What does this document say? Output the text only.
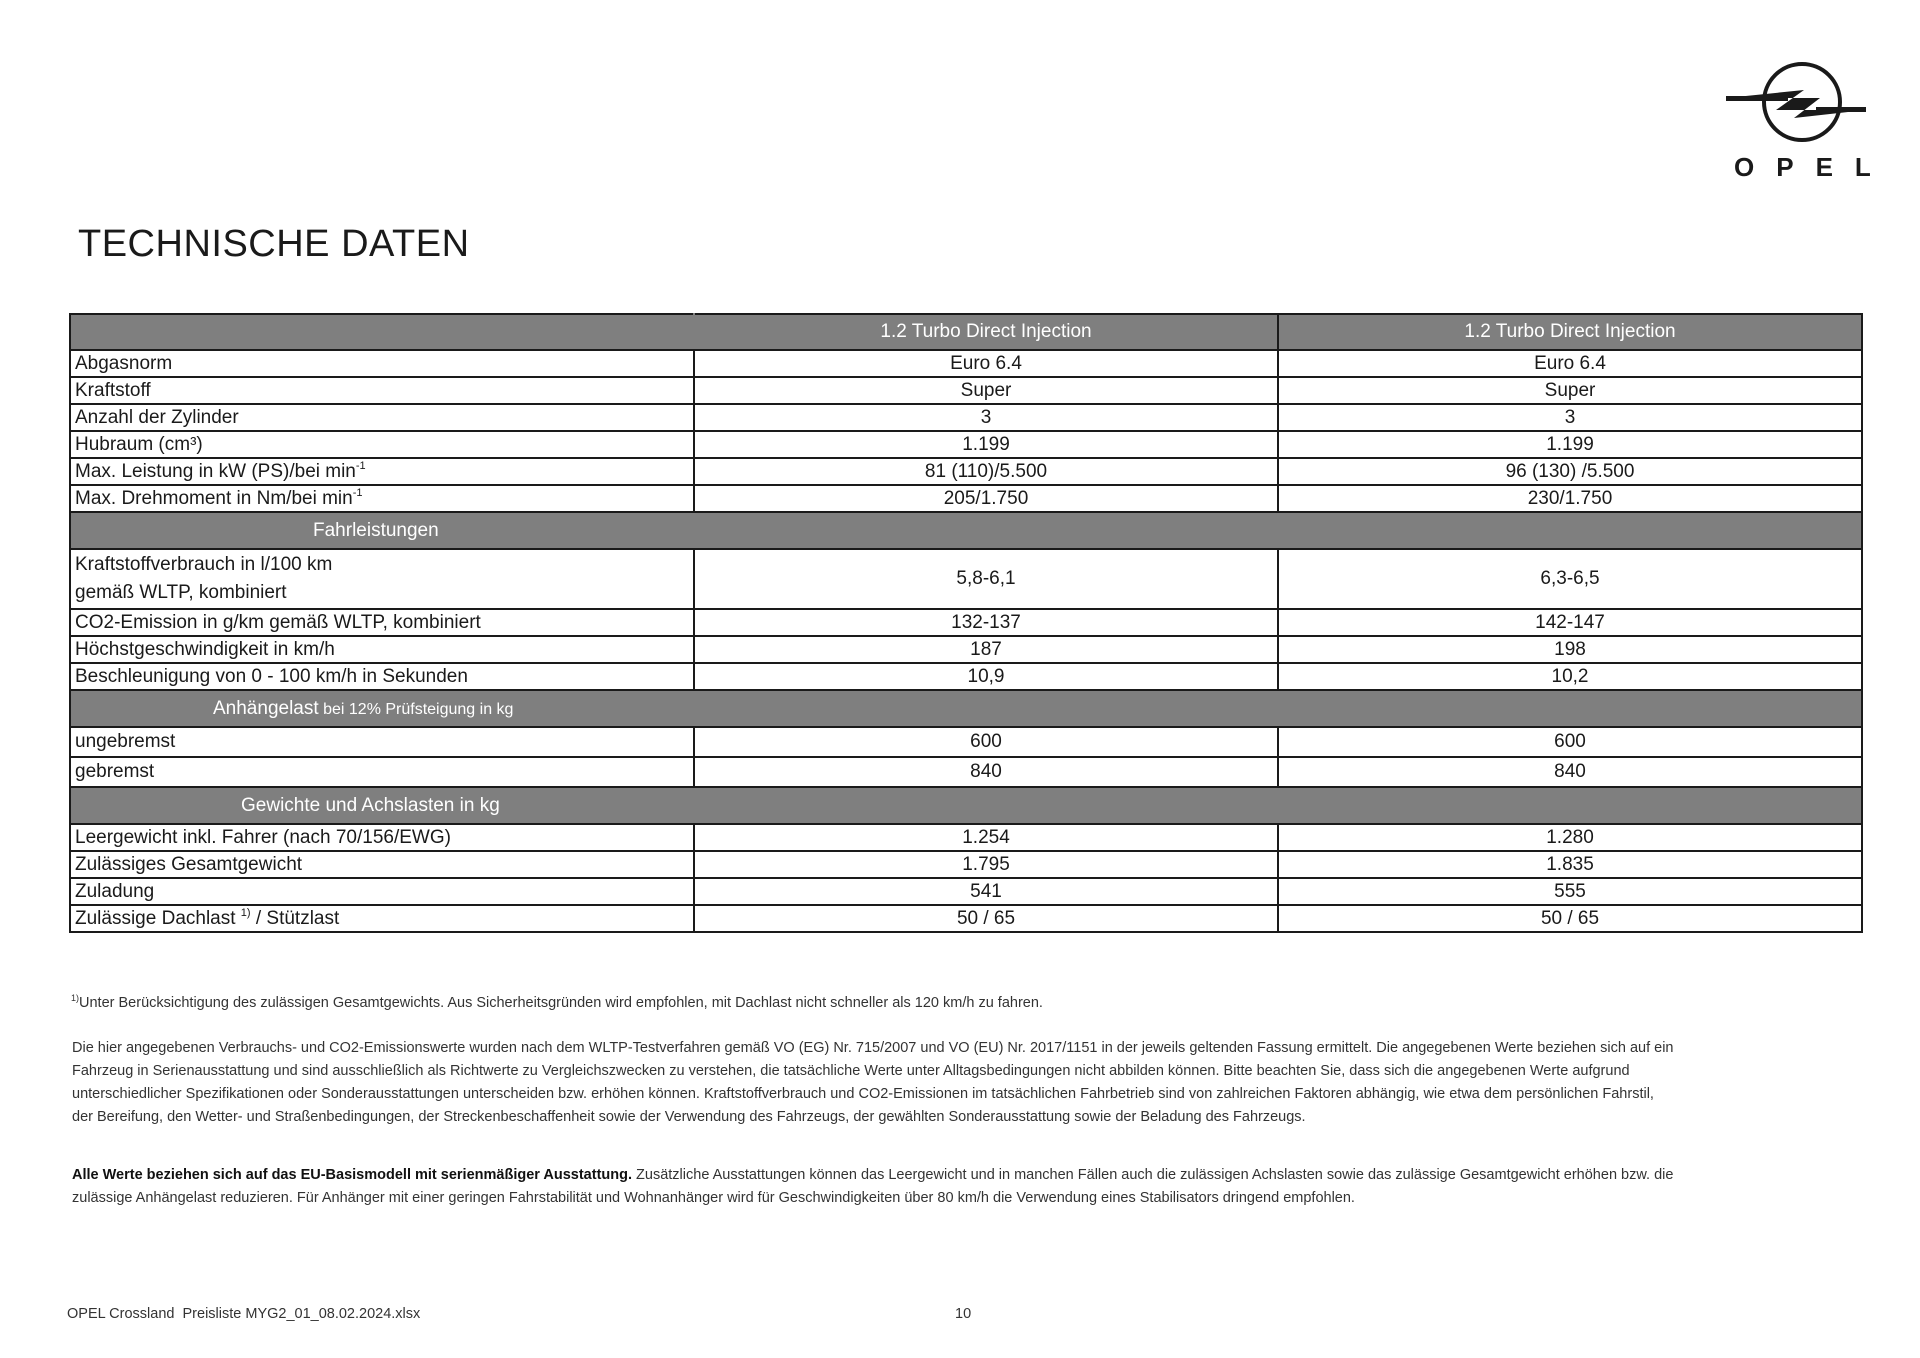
OPEL
TECHNISCHE DATEN
	1.2 Turbo Direct Injection	1.2 Turbo Direct Injection
Abgasnorm	Euro 6.4	Euro 6.4
Kraftstoff	Super	Super
Anzahl der Zylinder	3	3
Hubraum (cm³)	1.199	1.199
Max. Leistung in kW (PS)/bei $\min^{-1}$	81 (110)/5.500	96 (130) /5.500
Max. Drehmoment in Nm/bei $\min^{-1}$	205/1.750	230/1.750
Fahrleistungen		
Kraftstoffverbrauch in l/100 km
gemäß WLTP, kombiniert	5,8-6,1	6,3-6,5
CO2-Emission in g/km gemäß WLTP, kombiniert	132-137	142-147
Höchstgeschwindigkeit in km/h	187	198
Beschleunigung von 0 - 100 km/h in Sekunden	10,9	10,2
Anhängelast bei 12% Prüfsteigung in kg		
ungebremst	600	600
gebremst	840	840
Gewichte und Achslasten in kg		
Leergewicht inkl. Fahrer (nach 70/156/EWG)	1.254	1.280
Zulässiges Gesamtgewicht	1.795	1.835
Zuladung	541	555
Zulässige Dachlast $^{1)}$ / Stützlast	50 / 65	50 / 65
$^{1)}$Unter Berücksichtigung des zulässigen Gesamtgewichts. Aus Sicherheitsgründen wird empfohlen, mit Dachlast nicht schneller als 120 km/h zu fahren.
Die hier angegebenen Verbrauchs- und CO2-Emissionswerte wurden nach dem WLTP-Testverfahren gemäß VO (EG) Nr. 715/2007 und VO (EU) Nr. 2017/1151 in der jeweils geltenden Fassung ermittelt. Die angegebenen Werte beziehen sich auf ein
Fahrzeug in Serienausstattung und sind ausschließlich als Richtwerte zu Vergleichszwecken zu verstehen, die tatsächliche Werte unter Alltagsbedingungen nicht abbilden können. Bitte beachten Sie, dass sich die angegebenen Werte aufgrund
unterschiedlicher Spezifikationen oder Sonderausstattungen unterscheiden bzw. erhöhen können. Kraftstoffverbrauch und CO2-Emissionen im tatsächlichen Fahrbetrieb sind von zahlreichen Faktoren abhängig, wie etwa dem persönlichen Fahrstil,
der Bereifung, den Wetter- und Straßenbedingungen, der Streckenbeschaffenheit sowie der Verwendung des Fahrzeugs, der gewählten Sonderausstattung sowie der Beladung des Fahrzeugs.
Alle Werte beziehen sich auf das EU-Basismodell mit serienmäßiger Ausstattung. Zusätzliche Ausstattungen können das Leergewicht und in manchen Fällen auch die zulässigen Achslasten sowie das zulässige Gesamtgewicht erhöhen bzw. die
zulässige Anhängelast reduzieren. Für Anhänger mit einer geringen Fahrstabilität und Wohnanhänger wird für Geschwindigkeiten über 80 km/h die Verwendung eines Stabilisators dringend empfohlen.
OPEL Crossland  Preisliste MYG2_01_08.02.2024.xlsx	10
